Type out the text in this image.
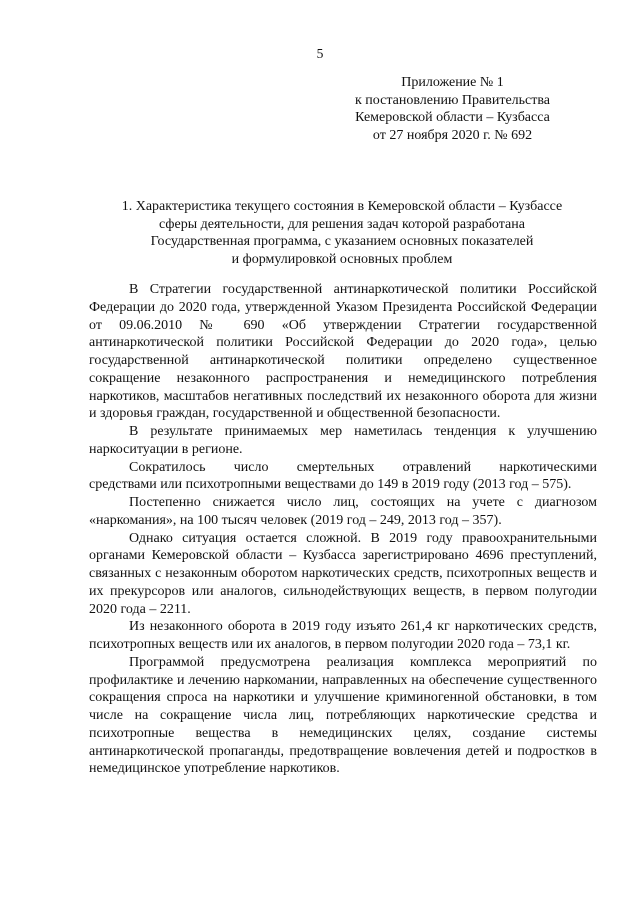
5
Приложение № 1
к постановлению Правительства
Кемеровской области – Кузбасса
от 27 ноября 2020 г. № 692
1. Характеристика текущего состояния в Кемеровской области – Кузбассе
сферы деятельности, для решения задач которой разработана
Государственная программа, с указанием основных показателей
и формулировкой основных проблем

В Стратегии государственной антинаркотической политики Российской Федерации до 2020 года, утвержденной Указом Президента Российской Федерации от 09.06.2010 № 690 «Об утверждении Стратегии государственной антинаркотической политики Российской Федерации до 2020 года», целью государственной антинаркотической политики определено существенное сокращение незаконного распространения и немедицинского потребления наркотиков, масштабов негативных последствий их незаконного оборота для жизни и здоровья граждан, государственной и общественной безопасности.

В результате принимаемых мер наметилась тенденция к улучшению наркоситуации в регионе.

Сократилось число смертельных отравлений наркотическими

средствами или психотропными веществами до 149 в 2019 году (2013 год – 575).

Постепенно снижается число лиц, состоящих на учете с диагнозом «наркомания», на 100 тысяч человек (2019 год – 249, 2013 год – 357).

Однако ситуация остается сложной. В 2019 году правоохранительными органами Кемеровской области – Кузбасса зарегистрировано 4696 преступлений, связанных с незаконным оборотом наркотических средств, психотропных веществ и их прекурсоров или аналогов, сильнодействующих веществ, в первом полугодии 2020 года – 2211.

Из незаконного оборота в 2019 году изъято 261,4 кг наркотических средств, психотропных веществ или их аналогов, в первом полугодии 2020 года – 73,1 кг.

Программой предусмотрена реализация комплекса мероприятий по профилактике и лечению наркомании, направленных на обеспечение существенного сокращения спроса на наркотики и улучшение криминогенной обстановки, в том числе на сокращение числа лиц, потребляющих наркотические средства и психотропные вещества в немедицинских целях, создание системы антинаркотической пропаганды, предотвращение вовлечения детей и подростков в немедицинское употребление наркотиков.
